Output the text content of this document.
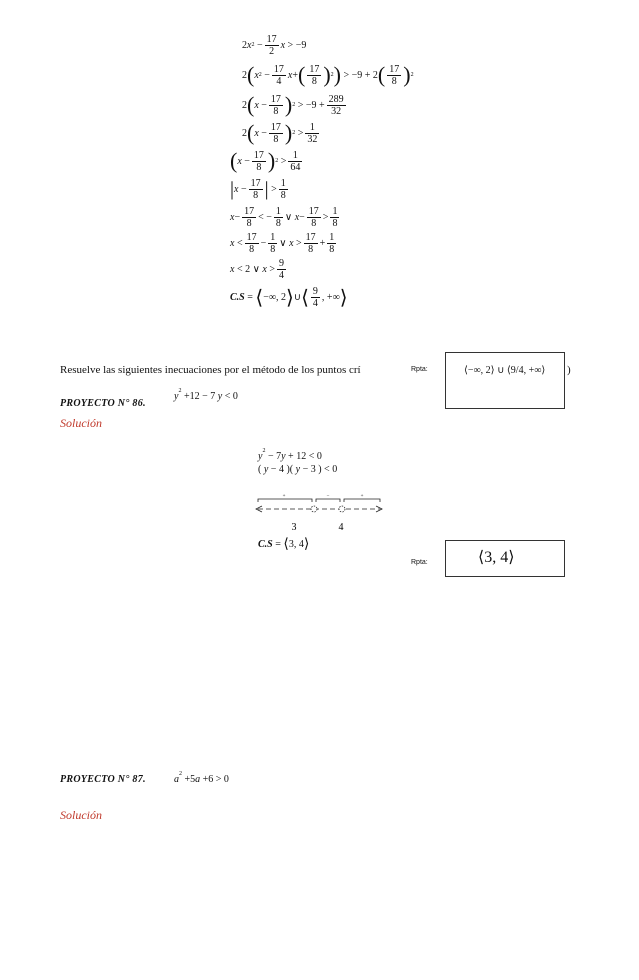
2 x 2
− $\frac{17}{2}$ x
>
− 9
2 ( x 2
− $\frac{17}{4}$ x + ( $\frac{17}{8}$ ) 2 )
>
− 9
+
2 ( $\frac{17}{8}$ ) 2
2 ( x
− $\frac{17}{8}$ ) 2
>
− 9
+ $\frac{289}{32}$
2 ( x
− $\frac{17}{8}$ ) 2
> $\frac{1}{32}$
( x
− $\frac{17}{8}$ ) 2
> $\frac{1}{64}$
| x
− $\frac{17}{8}$ |
> $\frac{1}{8}$
$x - \frac{17}{8}$ <
− $\frac{1}{8}$ ∨
$x - \frac{17}{8} > \frac{1}{8}$
x
< $\frac{17}{8} - \frac{1}{8}$ ∨
x
> $\frac{17}{8} + \frac{1}{8}$
x
<
2
∨
x
> $\frac{9}{4}$
C.S
=
⟨ − ∞ , 2 ⟩ ∪ ⟨ $\frac{9}{4}$ , + ∞ ⟩
Resuelve las siguientes inecuaciones por el método de los puntos crí	Rpta:	⟨−∞, 2⟩ ∪ ⟨9/4, +∞⟩ )
PROYECTO N° 86.
$y^2 +12 - 7$ y < 0
Solución
$y^2 - 7y + 12 < 0$
( y − 4 )( y − 3 ) < 0
+	−	+
3	4
C.S = ⟨3, 4⟩
Rpta:	⟨3, 4⟩
PROYECTO N° 87.	$a^2 +5a +6 > 0$
Solución
